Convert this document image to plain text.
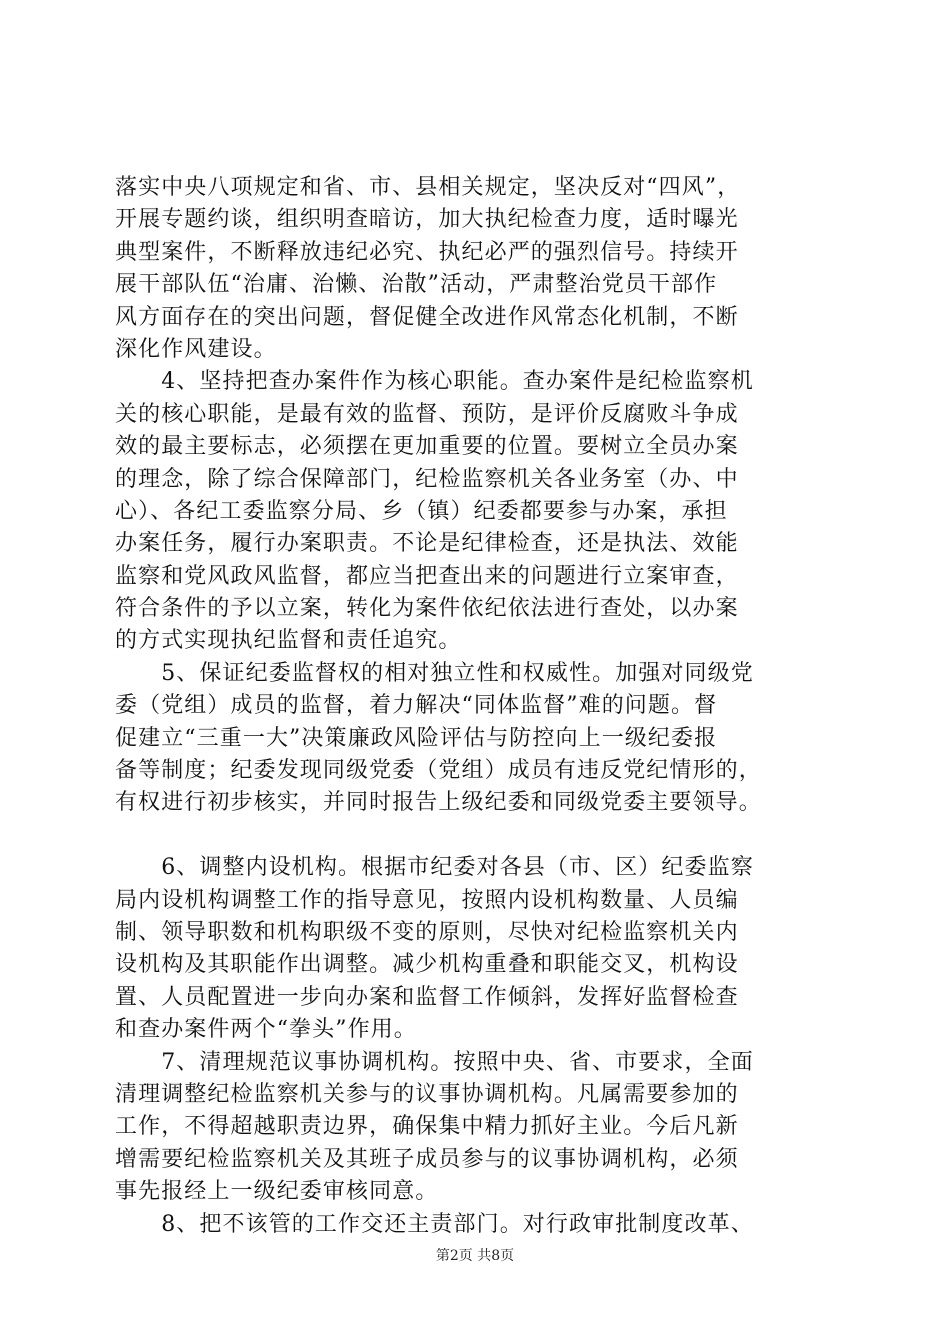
落实中央八项规定和省、市、县相关规定，坚决反对“四风”，
开展专题约谈，组织明查暗访，加大执纪检查力度，适时曝光
典型案件，不断释放违纪必究、执纪必严的强烈信号。持续开
展干部队伍“治庸、治懒、治散”活动，严肃整治党员干部作
风方面存在的突出问题，督促健全改进作风常态化机制，不断
深化作风建设。
　　4、坚持把查办案件作为核心职能。查办案件是纪检监察机
关的核心职能，是最有效的监督、预防，是评价反腐败斗争成
效的最主要标志，必须摆在更加重要的位置。要树立全员办案
的理念，除了综合保障部门，纪检监察机关各业务室（办、中
心）、各纪工委监察分局、乡（镇）纪委都要参与办案，承担
办案任务，履行办案职责。不论是纪律检查，还是执法、效能
监察和党风政风监督，都应当把查出来的问题进行立案审查，
符合条件的予以立案，转化为案件依纪依法进行查处，以办案
的方式实现执纪监督和责任追究。
　　5、保证纪委监督权的相对独立性和权威性。加强对同级党
委（党组）成员的监督，着力解决“同体监督”难的问题。督
促建立“三重一大”决策廉政风险评估与防控向上一级纪委报
备等制度；纪委发现同级党委（党组）成员有违反党纪情形的，
有权进行初步核实，并同时报告上级纪委和同级党委主要领导。
　　6、调整内设机构。根据市纪委对各县（市、区）纪委监察
局内设机构调整工作的指导意见，按照内设机构数量、人员编
制、领导职数和机构职级不变的原则，尽快对纪检监察机关内
设机构及其职能作出调整。减少机构重叠和职能交叉，机构设
置、人员配置进一步向办案和监督工作倾斜，发挥好监督检查
和查办案件两个“拳头”作用。
　　7、清理规范议事协调机构。按照中央、省、市要求，全面
清理调整纪检监察机关参与的议事协调机构。凡属需要参加的
工作，不得超越职责边界，确保集中精力抓好主业。今后凡新
增需要纪检监察机关及其班子成员参与的议事协调机构，必须
事先报经上一级纪委审核同意。
　　8、把不该管的工作交还主责部门。对行政审批制度改革、
第2页 共8页
